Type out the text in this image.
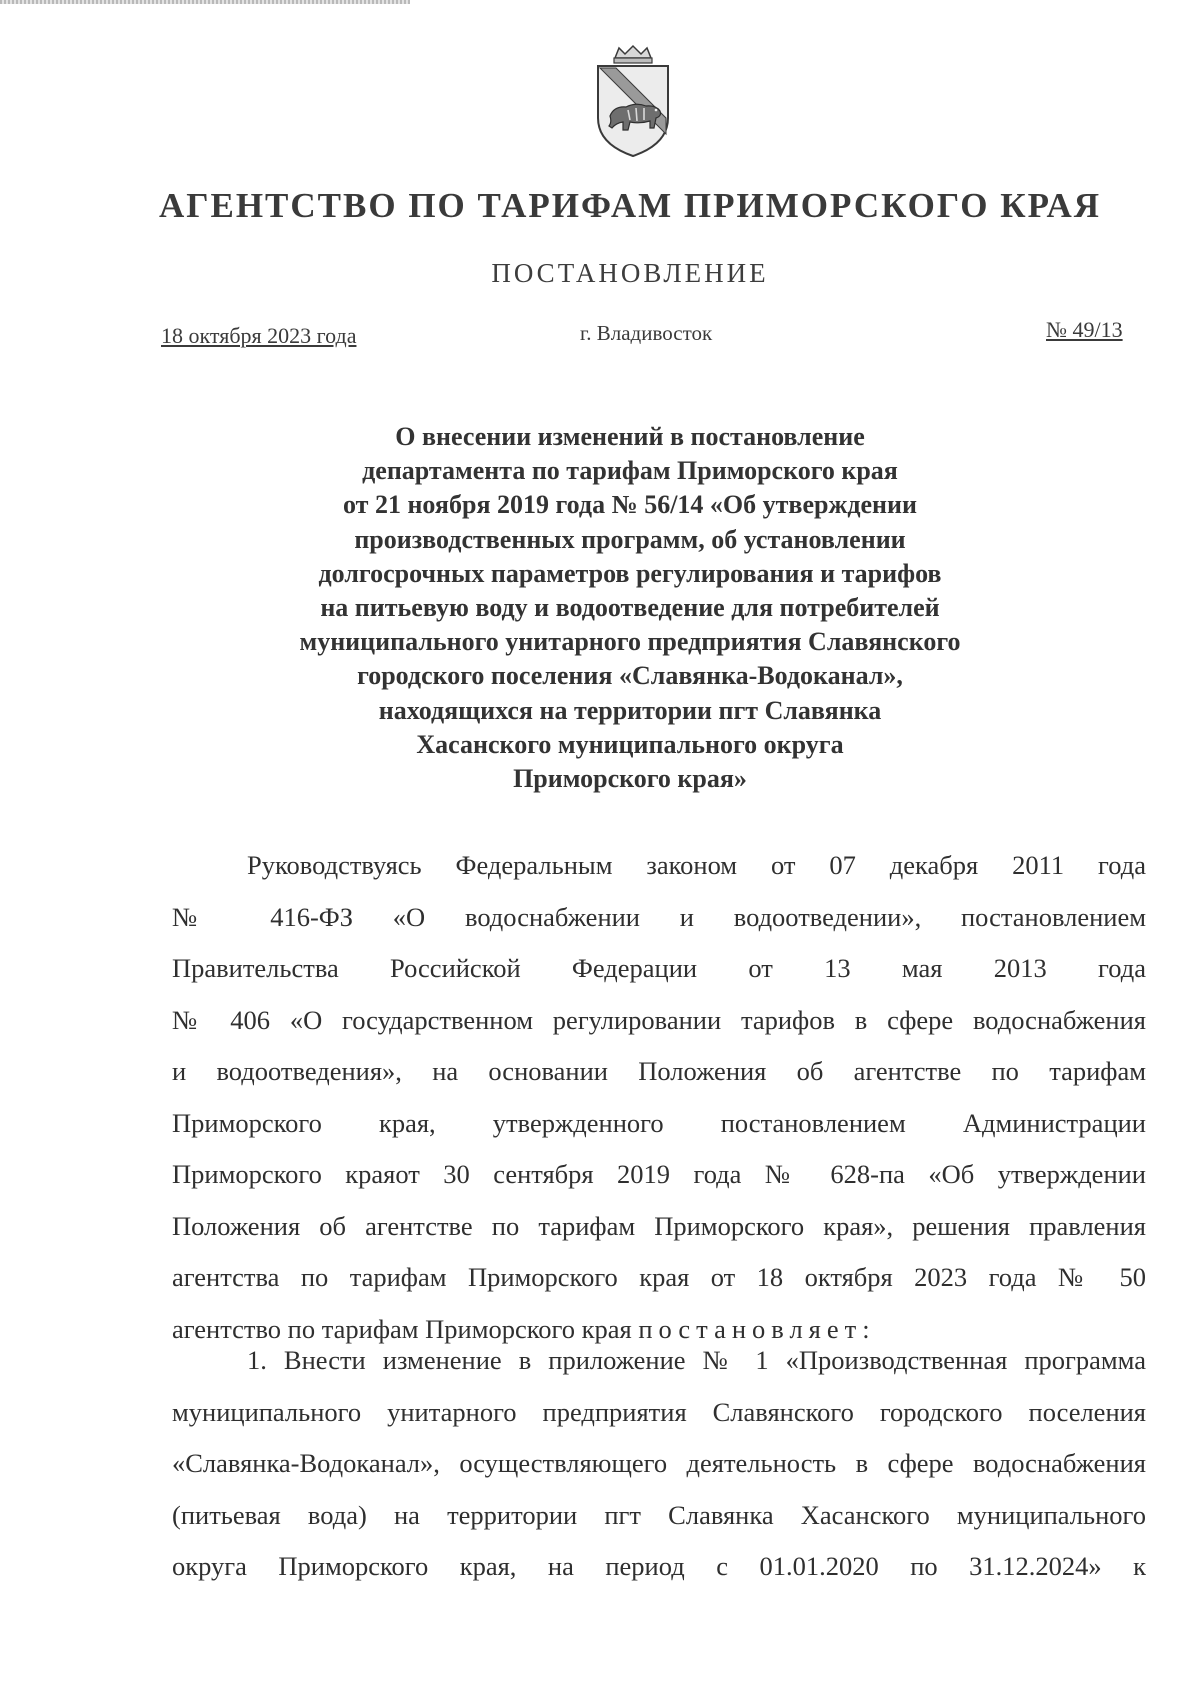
АГЕНТСТВО ПО ТАРИФАМ ПРИМОРСКОГО КРАЯ
ПОСТАНОВЛЕНИЕ
18 октября 2023 года	г. Владивосток	№ 49/13
О внесении изменений в постановление
департамента по тарифам Приморского края
от 21 ноября 2019 года № 56/14 «Об утверждении
производственных программ, об установлении
долгосрочных параметров регулирования и тарифов
на питьевую воду и водоотведение для потребителей
муниципального унитарного предприятия Славянского
городского поселения «Славянка-Водоканал»,
находящихся на территории пгт Славянка
Хасанского муниципального округа
Приморского края»
Руководствуясь Федеральным законом от 07 декабря 2011 года
№ 416-ФЗ «О водоснабжении и водоотведении», постановлением
Правительства Российской Федерации от 13 мая 2013 года
№ 406 «О государственном регулировании тарифов в сфере водоснабжения
и водоотведения», на основании Положения об агентстве по тарифам
Приморского края, утвержденного постановлением Администрации
Приморского краяот 30 сентября 2019 года № 628-па «Об утверждении
Положения об агентстве по тарифам Приморского края», решения правления
агентства по тарифам Приморского края от 18 октября 2023 года № 50
агентство по тарифам Приморского края постановляет:
1. Внести изменение в приложение № 1 «Производственная программа
муниципального унитарного предприятия Славянского городского поселения
«Славянка-Водоканал», осуществляющего деятельность в сфере водоснабжения
(питьевая вода) на территории пгт Славянка Хасанского муниципального
округа Приморского края, на период с 01.01.2020 по 31.12.2024» к
